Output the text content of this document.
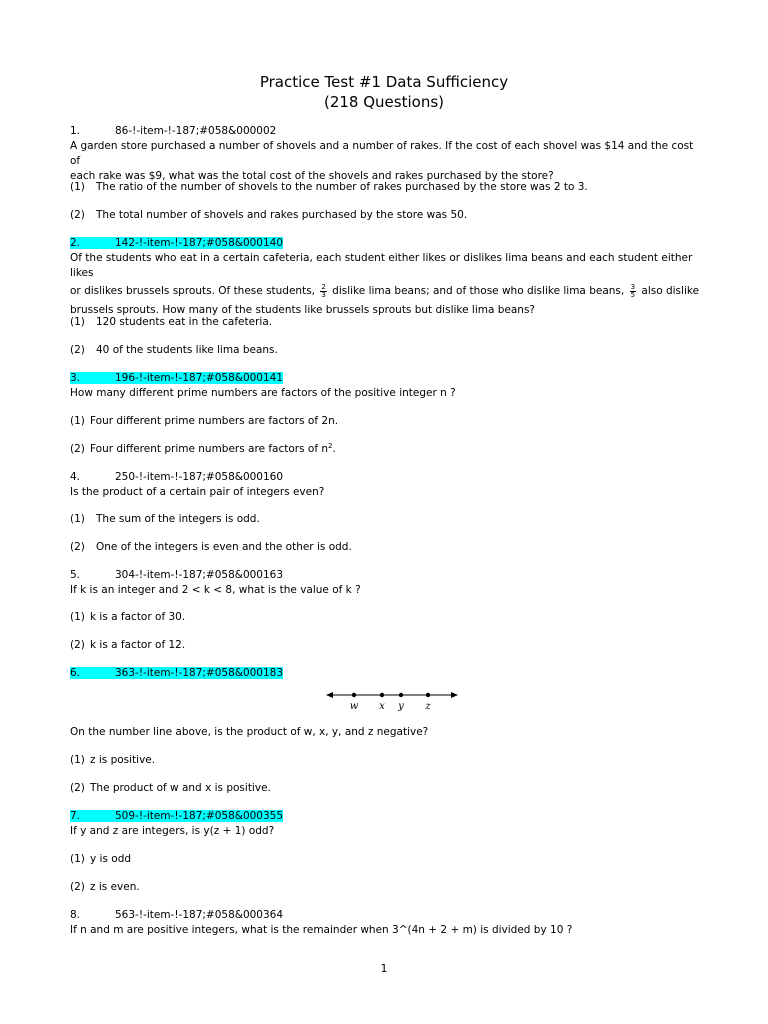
Practice Test #1 Data Sufficiency
(218 Questions)
1.	86-!-item-!-187;#058&000002
A garden store purchased a number of shovels and a number of rakes. If the cost of each shovel was $14 and the cost of
each rake was $9, what was the total cost of the shovels and rakes purchased by the store?
(1) The ratio of the number of shovels to the number of rakes purchased by the store was 2 to 3.
(2) The total number of shovels and rakes purchased by the store was 50.
2.	142-!-item-!-187;#058&000140
Of the students who eat in a certain cafeteria, each student either likes or dislikes lima beans and each student either likes
or dislikes brussels sprouts. Of these students, $\frac{2}{3}$ dislike lima beans; and of those who dislike lima beans, $\frac{3}{5}$ also dislike
brussels sprouts. How many of the students like brussels sprouts but dislike lima beans?
(1) 120 students eat in the cafeteria.
(2) 40 of the students like lima beans.
3.	196-!-item-!-187;#058&000141
How many different prime numbers are factors of the positive integer n ?
(1) Four different prime numbers are factors of 2n.
(2) Four different prime numbers are factors of $n^2$.
4.	250-!-item-!-187;#058&000160
Is the product of a certain pair of integers even?
(1) The sum of the integers is odd.
(2) One of the integers is even and the other is odd.
5.	304-!-item-!-187;#058&000163
If k is an integer and 2 < k < 8, what is the value of k ?
(1) k is a factor of 30.
(2) k is a factor of 12.
6.	363-!-item-!-187;#058&000183
w x y z
On the number line above, is the product of w, x, y, and z negative?
(1) z is positive.
(2) The product of w and x is positive.
7.	509-!-item-!-187;#058&000355
If y and z are integers, is y(z + 1) odd?
(1) y is odd
(2) z is even.
8.	563-!-item-!-187;#058&000364
If n and m are positive integers, what is the remainder when 3^(4n + 2 + m) is divided by 10 ?
1
